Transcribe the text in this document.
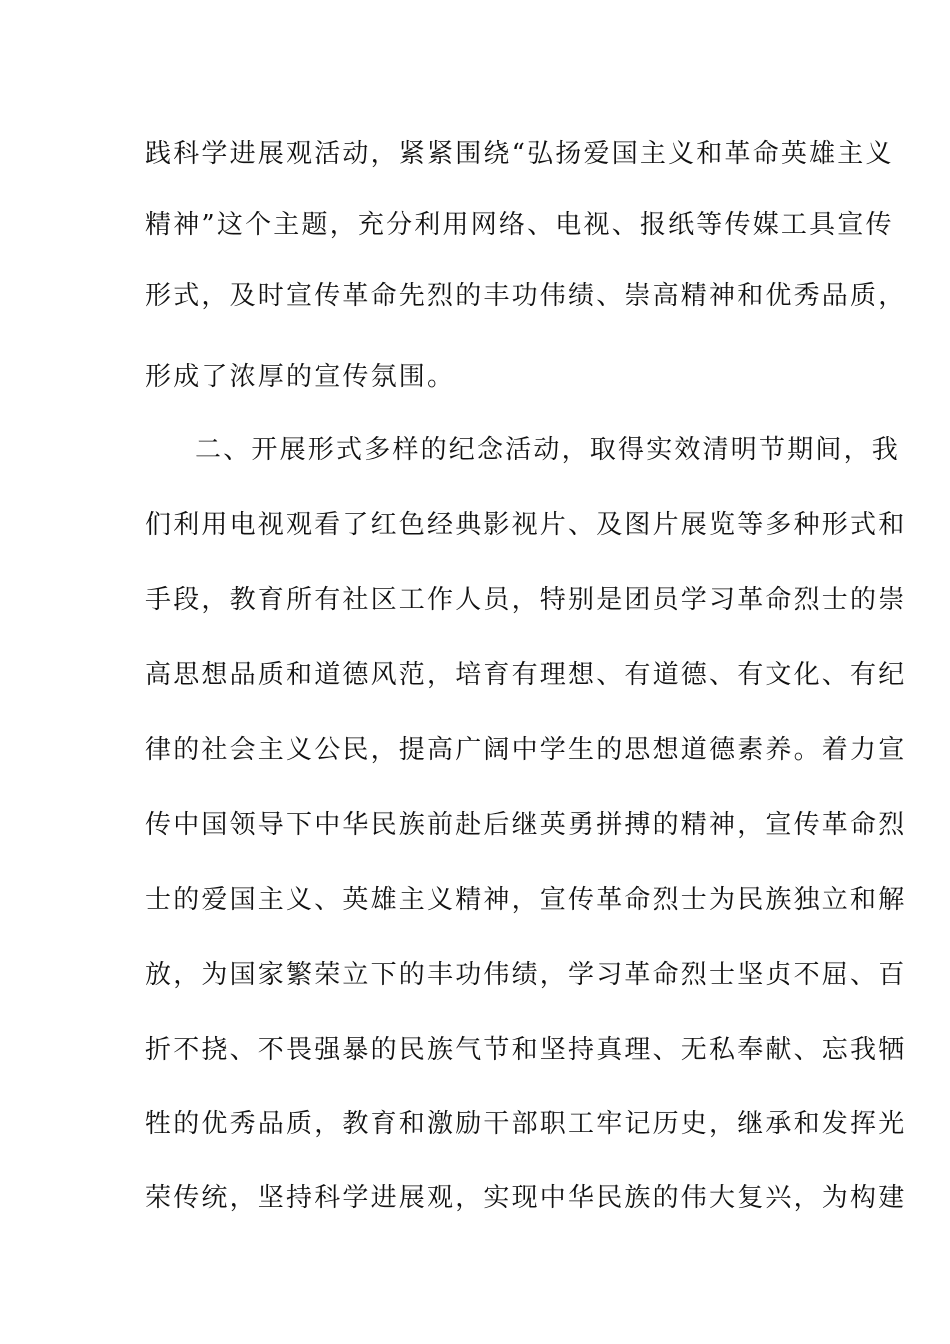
践科学进展观活动，紧紧围绕“弘扬爱国主义和革命英雄主义
精神”这个主题，充分利用网络、电视、报纸等传媒工具宣传
形式，及时宣传革命先烈的丰功伟绩、崇高精神和优秀品质，
形成了浓厚的宣传氛围。
二、开展形式多样的纪念活动，取得实效清明节期间，我
们利用电视观看了红色经典影视片、及图片展览等多种形式和
手段，教育所有社区工作人员，特别是团员学习革命烈士的崇
高思想品质和道德风范，培育有理想、有道德、有文化、有纪
律的社会主义公民，提高广阔中学生的思想道德素养。着力宣
传中国领导下中华民族前赴后继英勇拼搏的精神，宣传革命烈
士的爱国主义、英雄主义精神，宣传革命烈士为民族独立和解
放，为国家繁荣立下的丰功伟绩，学习革命烈士坚贞不屈、百
折不挠、不畏强暴的民族气节和坚持真理、无私奉献、忘我牺
牲的优秀品质，教育和激励干部职工牢记历史，继承和发挥光
荣传统，坚持科学进展观，实现中华民族的伟大复兴，为构建
